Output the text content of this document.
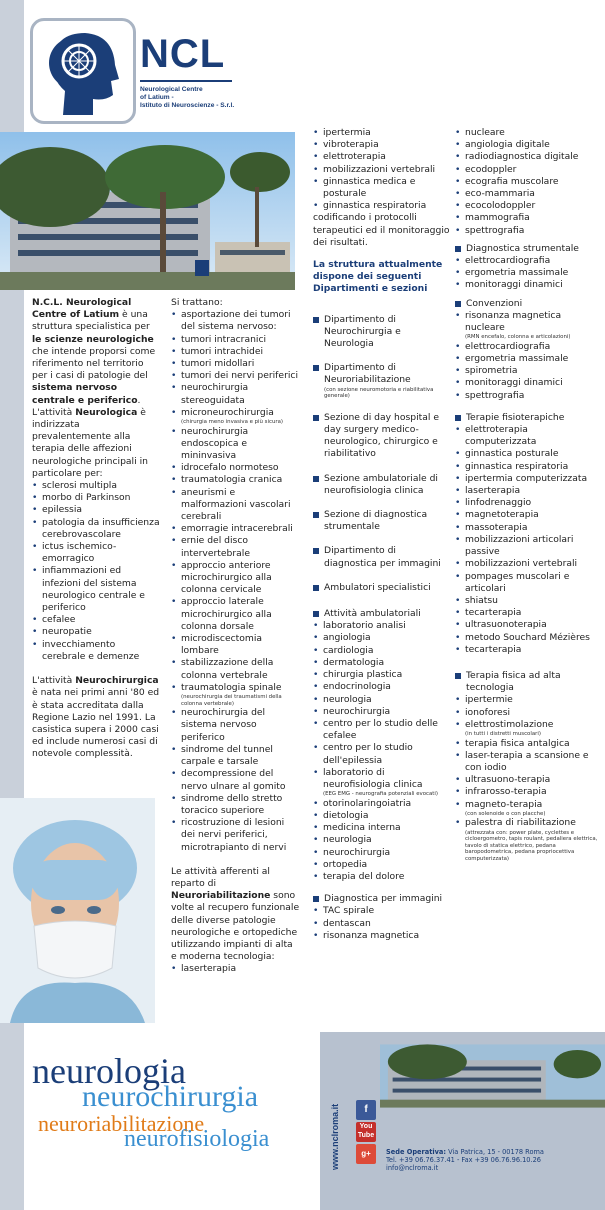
NCL
Neurological Centre
of Latium -
Istituto di Neuroscienze - S.r.l.
N.C.L. Neurological Centre of Latium è una struttura specialistica per le scienze neurologiche che intende proporsi come riferimento nel territorio per i casi di patologie del sistema nervoso centrale e periferico.
L'attività Neurologica è indirizzata prevalentemente alla terapia delle affezioni neurologiche principali in particolare per:
• sclerosi multipla
• morbo di Parkinson
• epilessia
• patologia da insufficienza cerebrovascolare
• ictus ischemico-emorragico
• infiammazioni ed infezioni del sistema neurologico centrale e periferico
• cefalee
• neuropatie
• invecchiamento cerebrale e demenze
L'attività Neurochirurgica è nata nei primi anni '80 ed è stata accreditata dalla Regione Lazio nel 1991. La casistica supera i 2000 casi ed include numerosi casi di notevole complessità.
Si trattano:
• asportazione dei tumori del sistema nervoso:
• tumori intracranici
• tumori intrachidei
• tumori midollari
• tumori dei nervi periferici
• neurochirurgia stereoguidata
• microneurochirurgia
(chirurgia meno invasiva e più sicura)
• neurochirurgia endoscopica e mininvasiva
• idrocefalo normoteso
• traumatologia cranica
• aneurismi e malformazioni vascolari cerebrali
• emorragie intracerebrali
• ernie del disco intervertebrale
• approccio anteriore microchirurgico alla colonna cervicale
• approccio laterale microchirurgico alla colonna dorsale
• microdiscectomia lombare
• stabilizzazione della colonna vertebrale
• traumatologia spinale
(neurochirurgia dei traumatismi della colonna vertebrale)
• neurochirurgia del sistema nervoso periferico
• sindrome del tunnel carpale e tarsale
• decompressione del nervo ulnare al gomito
• sindrome dello stretto toracico superiore
• ricostruzione di lesioni dei nervi periferici, microtrapianto di nervi
Le attività afferenti al reparto di Neuroriabilitazione sono volte al recupero funzionale delle diverse patologie neurologiche e ortopediche utilizzando impianti di alta e moderna tecnologia:
• laserterapia
• ipertermia
• vibroterapia
• elettroterapia
• mobilizzazioni vertebrali
• ginnastica medica e posturale
• ginnastica respiratoria
codificando i protocolli terapeutici ed il monitoraggio dei risultati.
La struttura attualmente dispone dei seguenti Dipartimenti e sezioni
Dipartimento di Neurochirurgia e Neurologia
Dipartimento di Neuroriabilitazione
(con sezione neuromotoria e riabilitativa generale)
Sezione di day hospital e day surgery medico-neurologico, chirurgico e riabilitativo
Sezione ambulatoriale di neurofisiologia clinica
Sezione di diagnostica strumentale
Dipartimento di diagnostica per immagini
Ambulatori specialistici
Attività ambulatoriali
• laboratorio analisi
• angiologia
• cardiologia
• dermatologia
• chirurgia plastica
• endocrinologia
• neurologia
• neurochirurgia
• centro per lo studio delle cefalee
• centro per lo studio dell'epilessia
• laboratorio di neurofisiologia clinica
(EEG EMG - neurografia potenziali evocati)
• otorinolaringoiatria
• dietologia
• medicina interna
• neurologia
• neurochirurgia
• ortopedia
• terapia del dolore
Diagnostica per immagini
• TAC spirale
• dentascan
• risonanza magnetica
• nucleare
• angiologia digitale
• radiodiagnostica digitale
• ecodoppler
• ecografia muscolare
• eco-mammaria
• ecocolodoppler
• mammografia
• spettrografia
Diagnostica strumentale
• elettrocardiografia
• ergometria massimale
• monitoraggi dinamici
Convenzioni
• risonanza magnetica nucleare
(RMN encefalo, colonna e articolazioni)
• elettrocardiografia
• ergometria massimale
• spirometria
• monitoraggi dinamici
• spettrografia
Terapie fisioterapiche
• elettroterapia computerizzata
• ginnastica posturale
• ginnastica respiratoria
• ipertermia computerizzata
• laserterapia
• linfodrenaggio
• magnetoterapia
• massoterapia
• mobilizzazioni articolari passive
• mobilizzazioni vertebrali
• pompages muscolari e articolari
• shiatsu
• tecarterapia
• ultrasuonoterapia
• metodo Souchard Mézières
• tecarterapia
Terapia fisica ad alta tecnologia
• ipertermie
• ionoforesi
• elettrostimolazione
(in tutti i distretti muscolari)
• terapia fisica antalgica
• laser-terapia a scansione e con iodio
• ultrasuono-terapia
• infrarosso-terapia
• magneto-terapia
(con solenoide o con placche)
• palestra di riabilitazione
(attrezzata con: power plate, cyclettes e cicloergometro, tapis roulant, pedaliera elettrica, tavolo di statica elettrico, pedana baropodometrica, pedana propriocettiva computerizzata)
neurologia
neurochirurgia
neuroriabilitazione
neurofisiologia	www.nclroma.it	f
You Tube
g+	Sede Operativa: Via Patrica, 15 - 00178 Roma
Tel. +39 06.76.37.41 - Fax +39 06.76.96.10.26
info@nclroma.it
